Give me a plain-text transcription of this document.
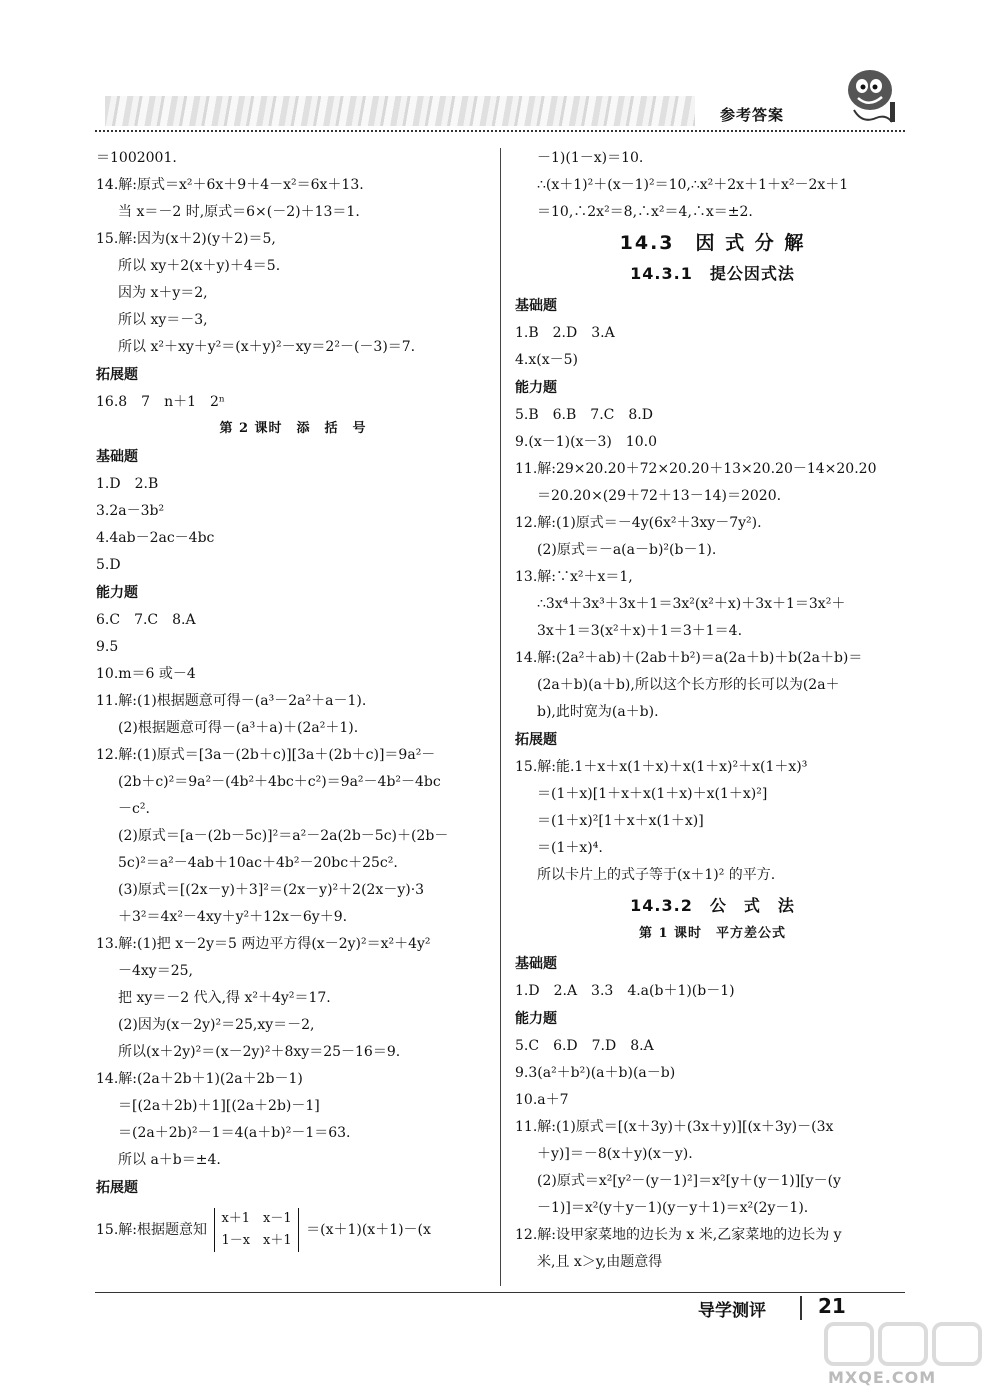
参考答案
＝1002001.
14.解:原式＝x²＋6x＋9＋4－x²＝6x＋13.
当 x＝－2 时,原式＝6×(－2)＋13＝1.
15.解:因为(x＋2)(y＋2)＝5,
所以 xy＋2(x＋y)＋4＝5.
因为 x＋y＝2,
所以 xy＝－3,
所以 x²＋xy＋y²＝(x＋y)²－xy＝2²－(－3)＝7.
拓展题
16.8　7　n＋1　2ⁿ
第 2 课时　添　括　号
基础题
1.D　2.B
3.2a－3b²
4.4ab－2ac－4bc
5.D
能力题
6.C　7.C　8.A
9.5
10.m＝6 或－4
11.解:(1)根据题意可得－(a³－2a²＋a－1).
(2)根据题意可得－(a³＋a)＋(2a²＋1).
12.解:(1)原式＝[3a－(2b＋c)][3a＋(2b＋c)]＝9a²－
(2b＋c)²＝9a²－(4b²＋4bc＋c²)＝9a²－4b²－4bc
－c².
(2)原式＝[a－(2b－5c)]²＝a²－2a(2b－5c)＋(2b－
5c)²＝a²－4ab＋10ac＋4b²－20bc＋25c².
(3)原式＝[(2x－y)＋3]²＝(2x－y)²＋2(2x－y)·3
＋3²＝4x²－4xy＋y²＋12x－6y＋9.
13.解:(1)把 x－2y＝5 两边平方得(x－2y)²＝x²＋4y²
－4xy＝25,
把 xy＝－2 代入,得 x²＋4y²＝17.
(2)因为(x－2y)²＝25,xy＝－2,
所以(x＋2y)²＝(x－2y)²＋8xy＝25－16＝9.
14.解:(2a＋2b＋1)(2a＋2b－1)
＝[(2a＋2b)＋1][(2a＋2b)－1]
＝(2a＋2b)²－1＝4(a＋b)²－1＝63.
所以 a＋b＝±4.
拓展题
15.解:根据题意知
x＋1　x－1
1－x　x＋1
＝(x＋1)(x＋1)－(x
－1)(1－x)＝10.
∴(x＋1)²＋(x－1)²＝10,∴x²＋2x＋1＋x²－2x＋1
＝10,∴2x²＝8,∴x²＝4,∴x＝±2.
14.3　因 式 分 解
14.3.1　提公因式法
基础题
1.B　2.D　3.A
4.x(x－5)
能力题
5.B　6.B　7.C　8.D
9.(x－1)(x－3)　10.0
11.解:29×20.20＋72×20.20＋13×20.20－14×20.20
＝20.20×(29＋72＋13－14)＝2020.
12.解:(1)原式＝－4y(6x²＋3xy－7y²).
(2)原式＝－a(a－b)²(b－1).
13.解:∵x²＋x＝1,
∴3x⁴＋3x³＋3x＋1＝3x²(x²＋x)＋3x＋1＝3x²＋
3x＋1＝3(x²＋x)＋1＝3＋1＝4.
14.解:(2a²＋ab)＋(2ab＋b²)＝a(2a＋b)＋b(2a＋b)＝
(2a＋b)(a＋b),所以这个长方形的长可以为(2a＋
b),此时宽为(a＋b).
拓展题
15.解:能.1＋x＋x(1＋x)＋x(1＋x)²＋x(1＋x)³
＝(1＋x)[1＋x＋x(1＋x)＋x(1＋x)²]
＝(1＋x)²[1＋x＋x(1＋x)]
＝(1＋x)⁴.
所以卡片上的式子等于(x＋1)² 的平方.
14.3.2　公　式　法
第 1 课时　平方差公式
基础题
1.D　2.A　3.3　4.a(b＋1)(b－1)
能力题
5.C　6.D　7.D　8.A
9.3(a²＋b²)(a＋b)(a－b)
10.a＋7
11.解:(1)原式＝[(x＋3y)＋(3x＋y)][(x＋3y)－(3x
＋y)]＝－8(x＋y)(x－y).
(2)原式＝x²[y²－(y－1)²]＝x²[y＋(y－1)][y－(y
－1)]＝x²(y＋y－1)(y－y＋1)＝x²(2y－1).
12.解:设甲家菜地的边长为 x 米,乙家菜地的边长为 y
米,且 x＞y,由题意得
导学测评	21
MXQE.COM
